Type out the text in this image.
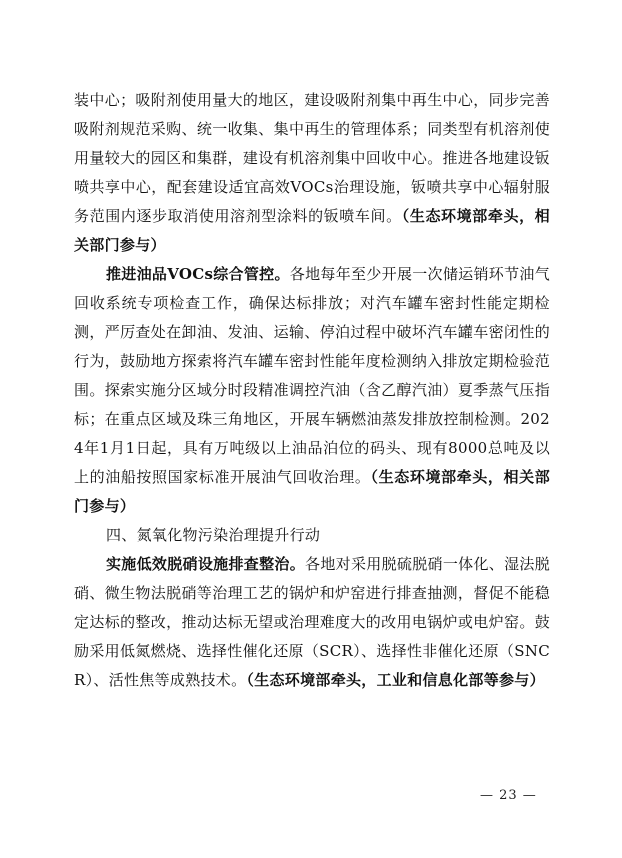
装中心；吸附剂使用量大的地区，建设吸附剂集中再生中心，同步完善吸附剂规范采购、统一收集、集中再生的管理体系；同类型有机溶剂使用量较大的园区和集群，建设有机溶剂集中回收中心。推进各地建设钣喷共享中心，配套建设适宜高效VOCs治理设施，钣喷共享中心辐射服务范围内逐步取消使用溶剂型涂料的钣喷车间。（生态环境部牵头，相关部门参与）

推进油品VOCs综合管控。各地每年至少开展一次储运销环节油气回收系统专项检查工作，确保达标排放；对汽车罐车密封性能定期检测，严厉查处在卸油、发油、运输、停泊过程中破坏汽车罐车密闭性的行为，鼓励地方探索将汽车罐车密封性能年度检测纳入排放定期检验范围。探索实施分区域分时段精准调控汽油（含乙醇汽油）夏季蒸气压指标；在重点区域及珠三角地区，开展车辆燃油蒸发排放控制检测。2024年1月1日起，具有万吨级以上油品泊位的码头、现有8000总吨及以上的油船按照国家标准开展油气回收治理。（生态环境部牵头，相关部门参与）

四、氮氧化物污染治理提升行动

实施低效脱硝设施排查整治。各地对采用脱硫脱硝一体化、湿法脱硝、微生物法脱硝等治理工艺的锅炉和炉窑进行排查抽测，督促不能稳定达标的整改，推动达标无望或治理难度大的改用电锅炉或电炉窑。鼓励采用低氮燃烧、选择性催化还原（SCR）、选择性非催化还原（SNCR）、活性焦等成熟技术。（生态环境部牵头，工业和信息化部等参与）

— 23 —
